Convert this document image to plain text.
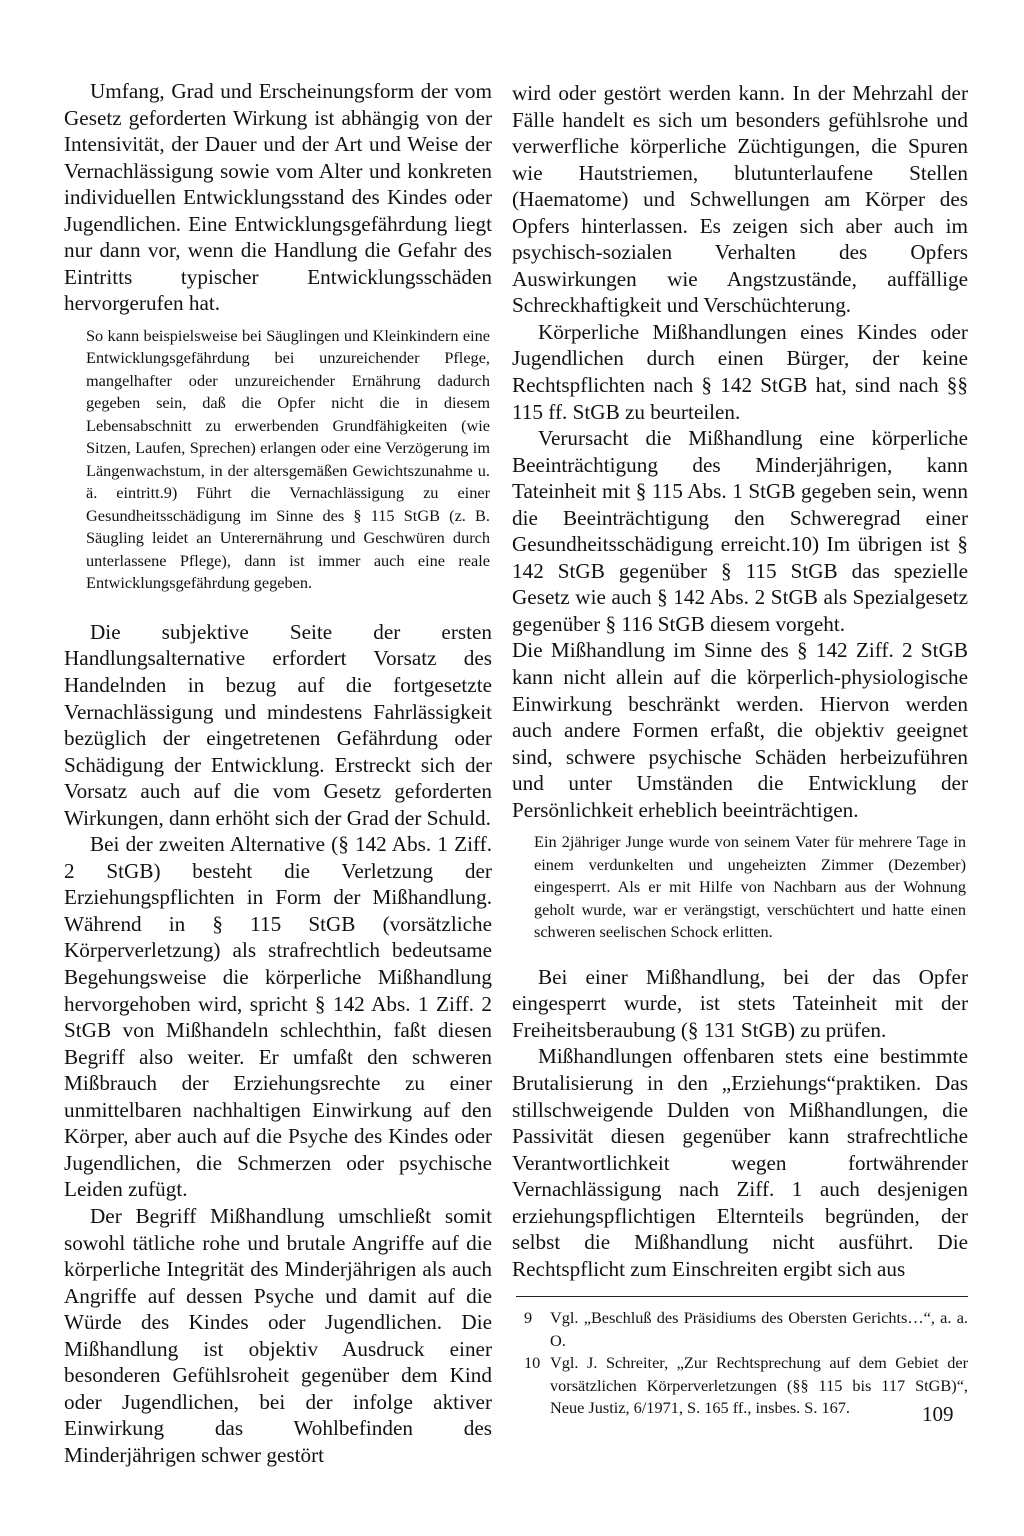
Umfang, Grad und Erscheinungsform der vom Gesetz geforderten Wirkung ist abhängig von der Intensivität, der Dauer und der Art und Weise der Vernachlässigung sowie vom Alter und konkreten individuellen Entwicklungsstand des Kindes oder Jugendlichen. Eine Entwicklungsgefährdung liegt nur dann vor, wenn die Handlung die Gefahr des Eintritts typischer Entwicklungsschäden hervorgerufen hat.

So kann beispielsweise bei Säuglingen und Kleinkindern eine Entwicklungsgefährdung bei unzureichender Pflege, mangelhafter oder unzureichender Ernährung dadurch gegeben sein, daß die Opfer nicht die in diesem Lebensabschnitt zu erwerbenden Grundfähigkeiten (wie Sitzen, Laufen, Sprechen) erlangen oder eine Verzögerung im Längenwachstum, in der altersgemäßen Gewichtszunahme u. ä. eintritt.9) Führt die Vernachlässigung zu einer Gesundheitsschädigung im Sinne des § 115 StGB (z. B. Säugling leidet an Unterernährung und Geschwüren durch unterlassene Pflege), dann ist immer auch eine reale Entwicklungsgefährdung gegeben.

Die subjektive Seite der ersten Handlungsalternative erfordert Vorsatz des Handelnden in bezug auf die fortgesetzte Vernachlässigung und mindestens Fahrlässigkeit bezüglich der eingetretenen Gefährdung oder Schädigung der Entwicklung. Erstreckt sich der Vorsatz auch auf die vom Gesetz geforderten Wirkungen, dann erhöht sich der Grad der Schuld.

Bei der zweiten Alternative (§ 142 Abs. 1 Ziff. 2 StGB) besteht die Verletzung der Erziehungspflichten in Form der Mißhandlung. Während in § 115 StGB (vorsätzliche Körperverletzung) als strafrechtlich bedeutsame Begehungsweise die körperliche Mißhandlung hervorgehoben wird, spricht § 142 Abs. 1 Ziff. 2 StGB von Mißhandeln schlechthin, faßt diesen Begriff also weiter. Er umfaßt den schweren Mißbrauch der Erziehungsrechte zu einer unmittelbaren nachhaltigen Einwirkung auf den Körper, aber auch auf die Psyche des Kindes oder Jugendlichen, die Schmerzen oder psychische Leiden zufügt.

Der Begriff Mißhandlung umschließt somit sowohl tätliche rohe und brutale Angriffe auf die körperliche Integrität des Minderjährigen als auch Angriffe auf dessen Psyche und damit auf die Würde des Kindes oder Jugendlichen. Die Mißhandlung ist objektiv Ausdruck einer besonderen Gefühlsroheit gegenüber dem Kind oder Jugendlichen, bei der infolge aktiver Einwirkung das Wohlbefinden des Minderjährigen schwer gestört

wird oder gestört werden kann. In der Mehrzahl der Fälle handelt es sich um besonders gefühlsrohe und verwerfliche körperliche Züchtigungen, die Spuren wie Hautstriemen, blutunterlaufene Stellen (Haematome) und Schwellungen am Körper des Opfers hinterlassen. Es zeigen sich aber auch im psychisch-sozialen Verhalten des Opfers Auswirkungen wie Angstzustände, auffällige Schreckhaftigkeit und Verschüchterung.

Körperliche Mißhandlungen eines Kindes oder Jugendlichen durch einen Bürger, der keine Rechtspflichten nach § 142 StGB hat, sind nach §§ 115 ff. StGB zu beurteilen.

Verursacht die Mißhandlung eine körperliche Beeinträchtigung des Minderjährigen, kann Tateinheit mit § 115 Abs. 1 StGB gegeben sein, wenn die Beeinträchtigung den Schweregrad einer Gesundheitsschädigung erreicht.10) Im übrigen ist § 142 StGB gegenüber § 115 StGB das spezielle Gesetz wie auch § 142 Abs. 2 StGB als Spezialgesetz gegenüber § 116 StGB diesem vorgeht.

Die Mißhandlung im Sinne des § 142 Ziff. 2 StGB kann nicht allein auf die körperlich-physiologische Einwirkung beschränkt werden. Hiervon werden auch andere Formen erfaßt, die objektiv geeignet sind, schwere psychische Schäden herbeizuführen und unter Umständen die Entwicklung der Persönlichkeit erheblich beeinträchtigen.

Ein 2jähriger Junge wurde von seinem Vater für mehrere Tage in einem verdunkelten und ungeheizten Zimmer (Dezember) eingesperrt. Als er mit Hilfe von Nachbarn aus der Wohnung geholt wurde, war er verängstigt, verschüchtert und hatte einen schweren seelischen Schock erlitten.

Bei einer Mißhandlung, bei der das Opfer eingesperrt wurde, ist stets Tateinheit mit der Freiheitsberaubung (§ 131 StGB) zu prüfen.

Mißhandlungen offenbaren stets eine bestimmte Brutalisierung in den „Erziehungs“praktiken. Das stillschweigende Dulden von Mißhandlungen, die Passivität diesen gegenüber kann strafrechtliche Verantwortlichkeit wegen fortwährender Vernachlässigung nach Ziff. 1 auch desjenigen erziehungspflichtigen Elternteils begründen, der selbst die Mißhandlung nicht ausführt. Die Rechtspflicht zum Einschreiten ergibt sich aus

9	Vgl. „Beschluß des Präsidiums des Obersten Gerichts…“, a. a. O.
10 Vgl. J. Schreiter, „Zur Rechtsprechung auf dem Gebiet der vorsätzlichen Körperverletzungen (§§ 115 bis 117 StGB)“, Neue Justiz, 6/1971, S. 165 ff., insbes. S. 167.	109
